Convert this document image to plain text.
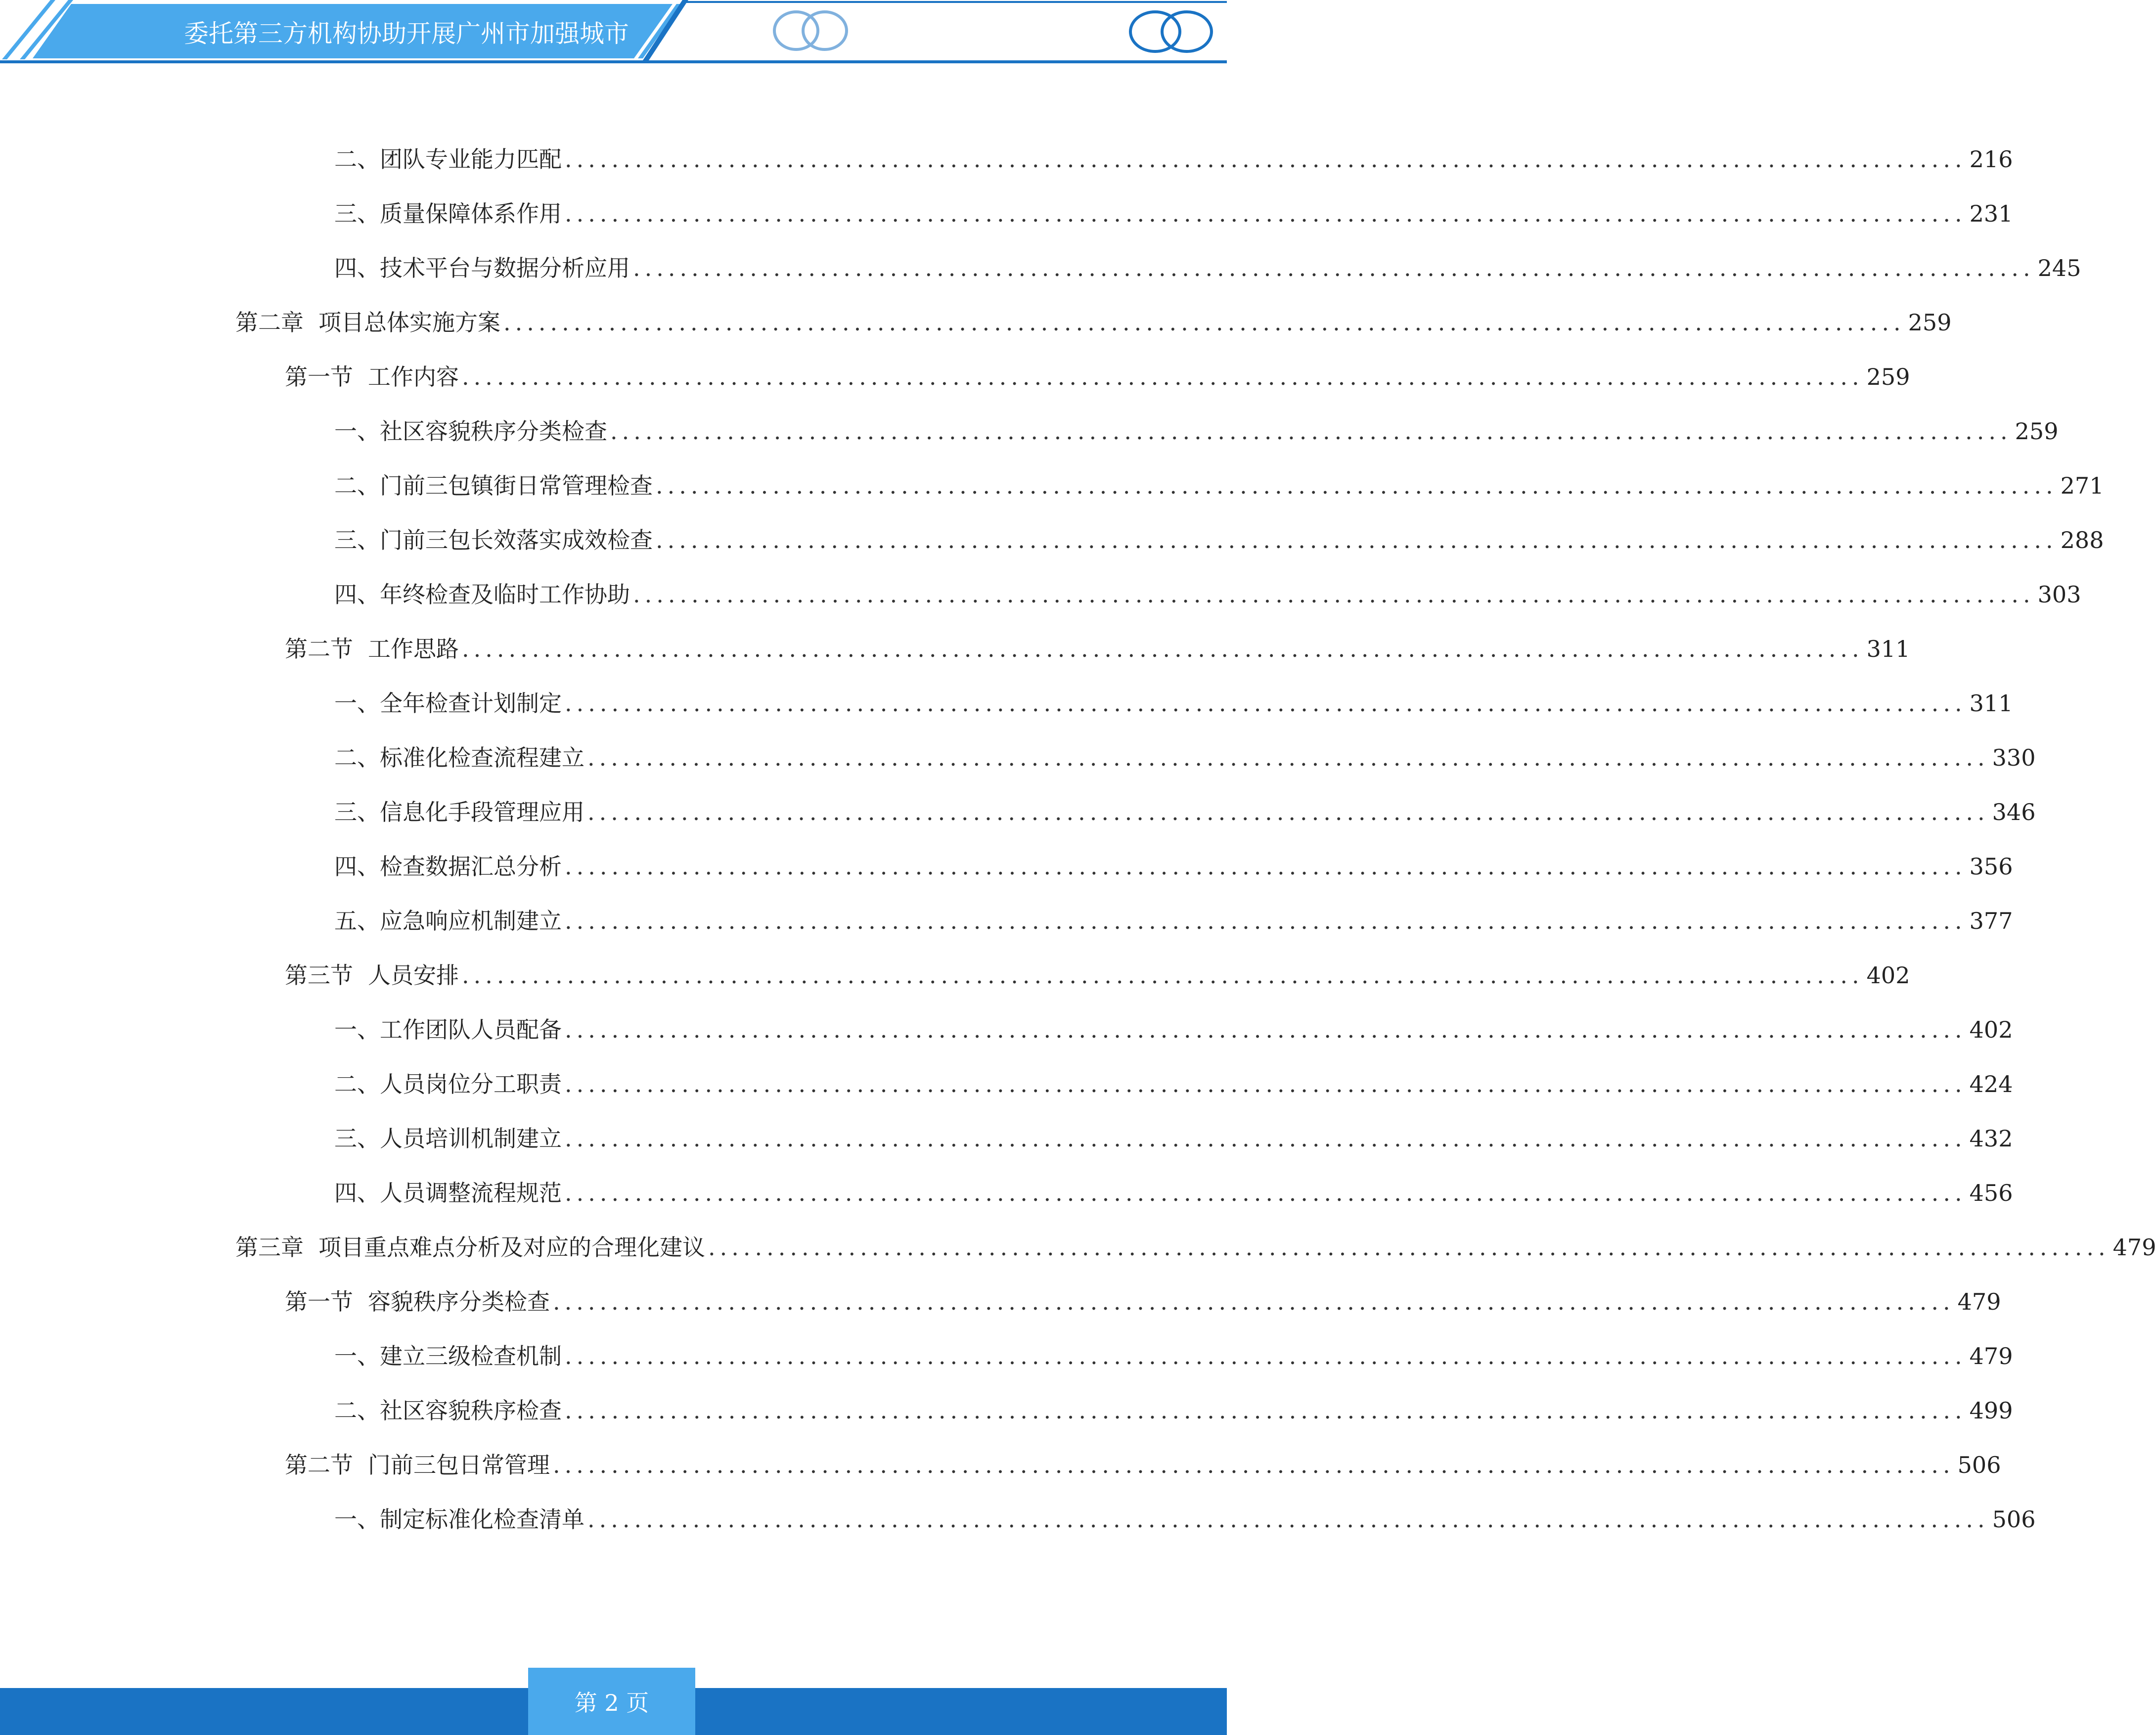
委托第三方机构协助开展广州市加强城市
二、 团队专业能力匹配 ........................................................................................................................ 216
三、 质量保障体系作用 ........................................................................................................................ 231
四、 技术平台与数据分析应用 ........................................................................................................................ 245
第二章 项目总体实施方案 ........................................................................................................................ 259
第一节 工作内容 ........................................................................................................................ 259
一、 社区容貌秩序分类检查 ........................................................................................................................ 259
二、 门前三包镇街日常管理检查 ........................................................................................................................ 271
三、 门前三包长效落实成效检查 ........................................................................................................................ 288
四、 年终检查及临时工作协助 ........................................................................................................................ 303
第二节 工作思路 ........................................................................................................................ 311
一、 全年检查计划制定 ........................................................................................................................ 311
二、 标准化检查流程建立 ........................................................................................................................ 330
三、 信息化手段管理应用 ........................................................................................................................ 346
四、 检查数据汇总分析 ........................................................................................................................ 356
五、 应急响应机制建立 ........................................................................................................................ 377
第三节 人员安排 ........................................................................................................................ 402
一、 工作团队人员配备 ........................................................................................................................ 402
二、 人员岗位分工职责 ........................................................................................................................ 424
三、 人员培训机制建立 ........................................................................................................................ 432
四、 人员调整流程规范 ........................................................................................................................ 456
第三章 项目重点难点分析及对应的合理化建议 ........................................................................................................................ 479
第一节 容貌秩序分类检查 ........................................................................................................................ 479
一、 建立三级检查机制 ........................................................................................................................ 479
二、 社区容貌秩序检查 ........................................................................................................................ 499
第二节 门前三包日常管理 ........................................................................................................................ 506
一、 制定标准化检查清单 ........................................................................................................................ 506
第 2 页
